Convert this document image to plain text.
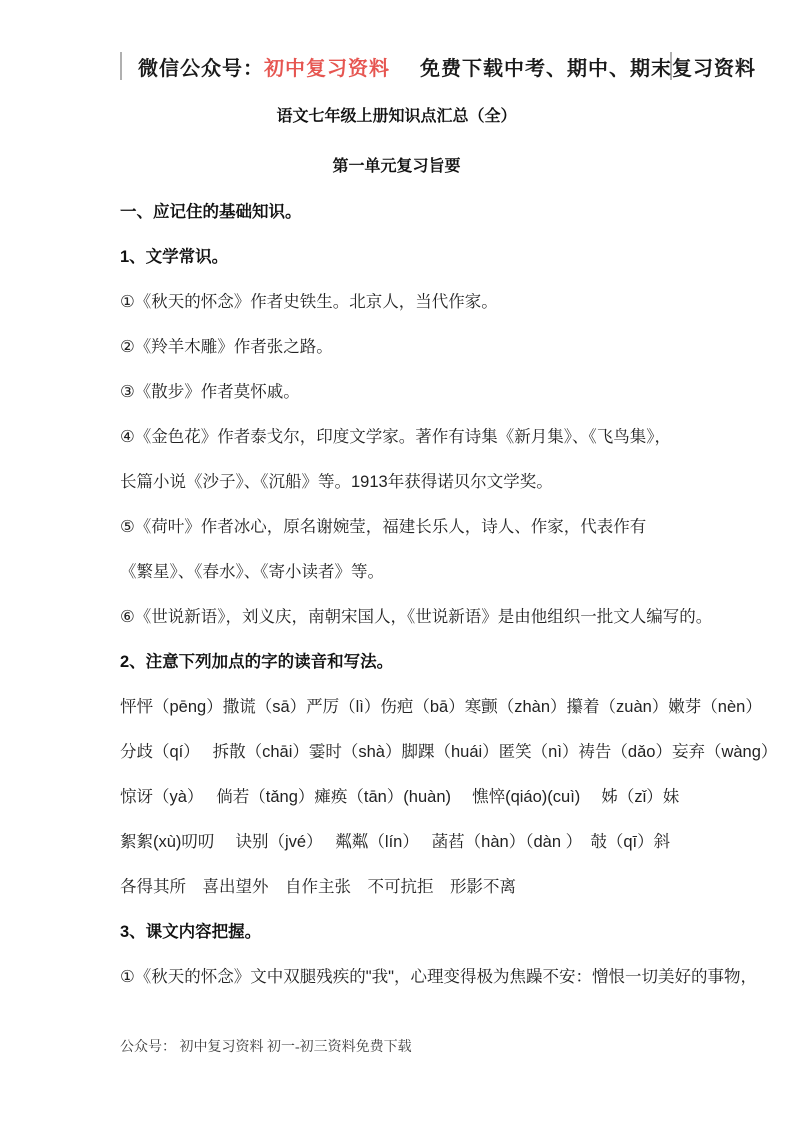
微信公众号： 初中复习资料 免费下载中考、期中、期末复习资料
语文七年级上册知识点汇总（全）
第一单元复习旨要

一、应记住的基础知识。

1、文学常识。

①《秋天的怀念》作者史铁生。北京人，当代作家。

②《羚羊木雕》作者张之路。

③《散步》作者莫怀戚。

④《金色花》作者泰戈尔，印度文学家。著作有诗集《新月集》、《飞鸟集》，长篇小说《沙子》、《沉船》等。1913年获得诺贝尔文学奖。

⑤《荷叶》作者冰心，原名谢婉莹，福建长乐人，诗人、作家，代表作有《繁星》、《春水》、《寄小读者》等。

⑥《世说新语》，刘义庆，南朝宋国人，《世说新语》是由他组织一批文人编写的。

2、注意下列加点的字的读音和写法。

怦怦（pēng）撒谎（sā）严厉（lì）伤疤（bā）寒颤（zhàn）攥着（zuàn）嫩芽（nèn）

分歧（qí）　 拆散（chāi）霎时（shà）脚踝（huái）匿笑（nì）祷告（dǎo）妄弃（wàng）

惊讶（yà）　 倘若（tǎng）瘫痪（tān）(huàn)　 憔悴(qiáo)(cuì)　 姊（zǐ）妹

絮絮(xù)叨叨　 诀别（jvé）　 粼粼（lín）　 菡萏（hàn）（dàn ）　攲（qī）斜

各得其所　喜出望外　自作主张　不可抗拒　形影不离

3、课文内容把握。

①《秋天的怀念》文中双腿残疾的"我"，心理变得极为焦躁不安：憎恨一切美好的事物，

公众号： 初中复习资料 初一-初三资料免费下载
